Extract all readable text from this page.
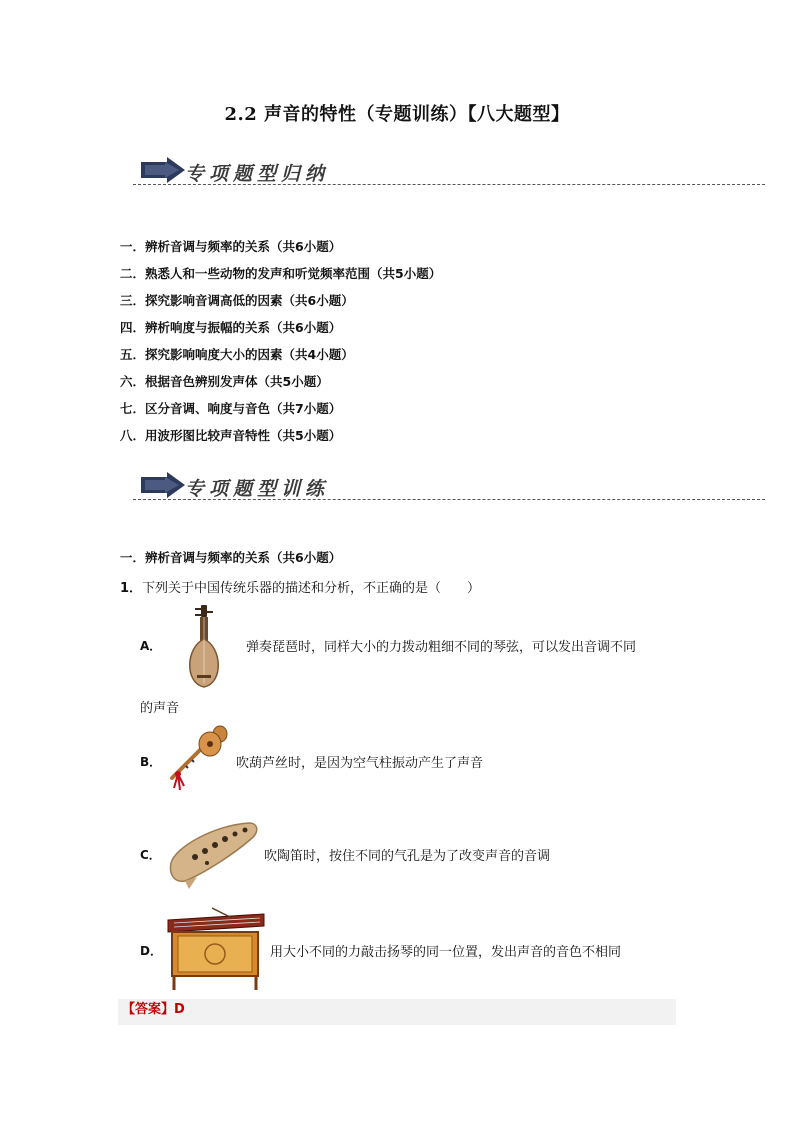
2.2 声音的特性（专题训练）【八大题型】
专项题型归纳
一．辨析音调与频率的关系（共6小题）
二．熟悉人和一些动物的发声和听觉频率范围（共5小题）
三．探究影响音调高低的因素（共6小题）
四．辨析响度与振幅的关系（共6小题）
五．探究影响响度大小的因素（共4小题）
六．根据音色辨别发声体（共5小题）
七．区分音调、响度与音色（共7小题）
八．用波形图比较声音特性（共5小题）
专项题型训练
一．辨析音调与频率的关系（共6小题）
1．下列关于中国传统乐器的描述和分析，不正确的是（　　）
A．	弹奏琵琶时，同样大小的力拨动粗细不同的琴弦，可以发出音调不同
的声音
B．	吹葫芦丝时，是因为空气柱振动产生了声音
C．	吹陶笛时，按住不同的气孔是为了改变声音的音调
D．	用大小不同的力敲击扬琴的同一位置，发出声音的音色不相同
【答案】D
